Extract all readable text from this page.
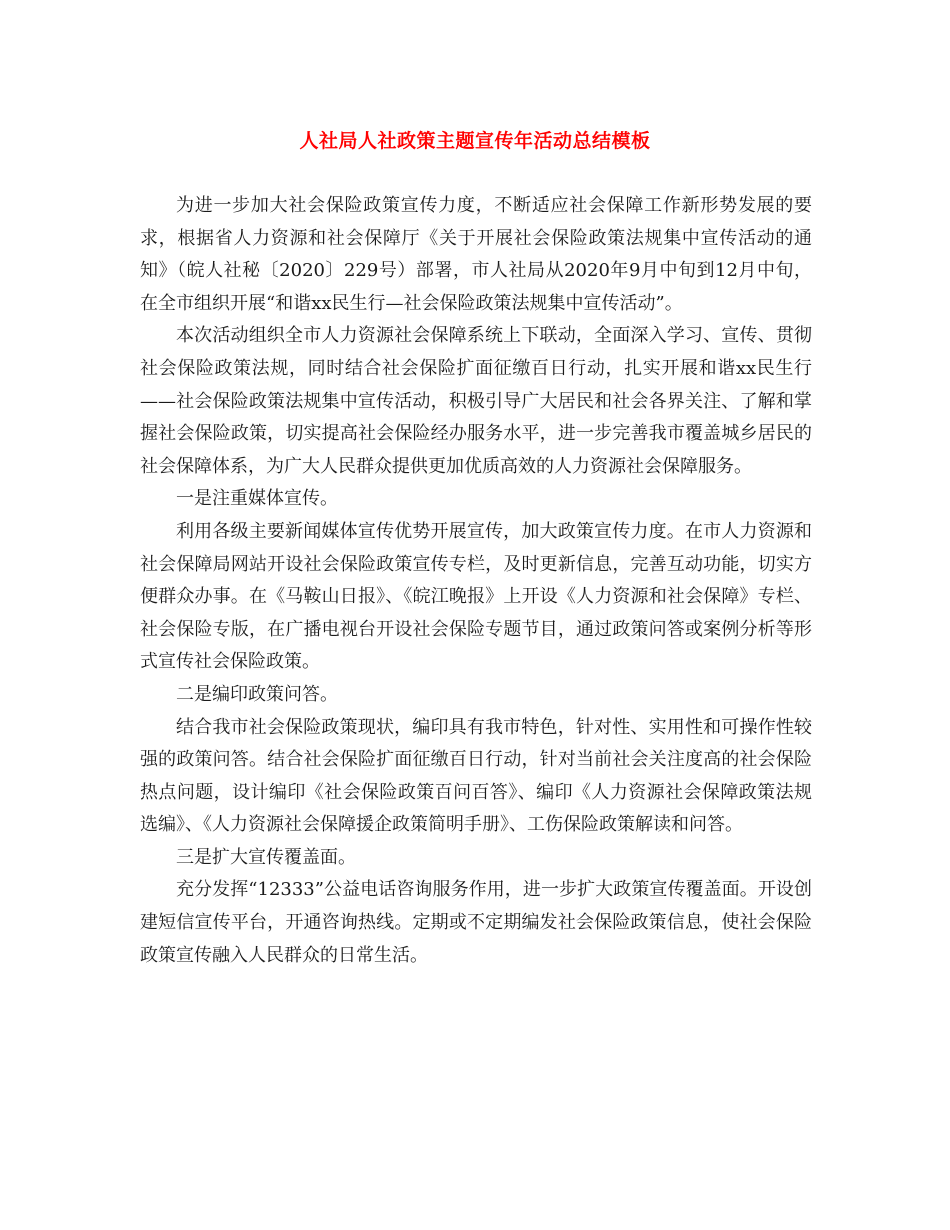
人社局人社政策主题宣传年活动总结模板

为进一步加大社会保险政策宣传力度，不断适应社会保障工作新形势发展的要求，根据省人力资源和社会保障厅《关于开展社会保险政策法规集中宣传活动的通知》（皖人社秘〔2020〕229号）部署，市人社局从2020年9月中旬到12月中旬，在全市组织开展“和谐xx民生行—社会保险政策法规集中宣传活动”。

本次活动组织全市人力资源社会保障系统上下联动，全面深入学习、宣传、贯彻社会保险政策法规，同时结合社会保险扩面征缴百日行动，扎实开展和谐xx民生行——社会保险政策法规集中宣传活动，积极引导广大居民和社会各界关注、了解和掌握社会保险政策，切实提高社会保险经办服务水平，进一步完善我市覆盖城乡居民的社会保障体系，为广大人民群众提供更加优质高效的人力资源社会保障服务。

一是注重媒体宣传。

利用各级主要新闻媒体宣传优势开展宣传，加大政策宣传力度。在市人力资源和社会保障局网站开设社会保险政策宣传专栏，及时更新信息，完善互动功能，切实方便群众办事。在《马鞍山日报》、《皖江晚报》上开设《人力资源和社会保障》专栏、社会保险专版，在广播电视台开设社会保险专题节目，通过政策问答或案例分析等形式宣传社会保险政策。

二是编印政策问答。

结合我市社会保险政策现状，编印具有我市特色，针对性、实用性和可操作性较强的政策问答。结合社会保险扩面征缴百日行动，针对当前社会关注度高的社会保险热点问题，设计编印《社会保险政策百问百答》、编印《人力资源社会保障政策法规选编》、《人力资源社会保障援企政策简明手册》、工伤保险政策解读和问答。

三是扩大宣传覆盖面。

充分发挥“12333”公益电话咨询服务作用，进一步扩大政策宣传覆盖面。开设创建短信宣传平台，开通咨询热线。定期或不定期编发社会保险政策信息，使社会保险政策宣传融入人民群众的日常生活。
